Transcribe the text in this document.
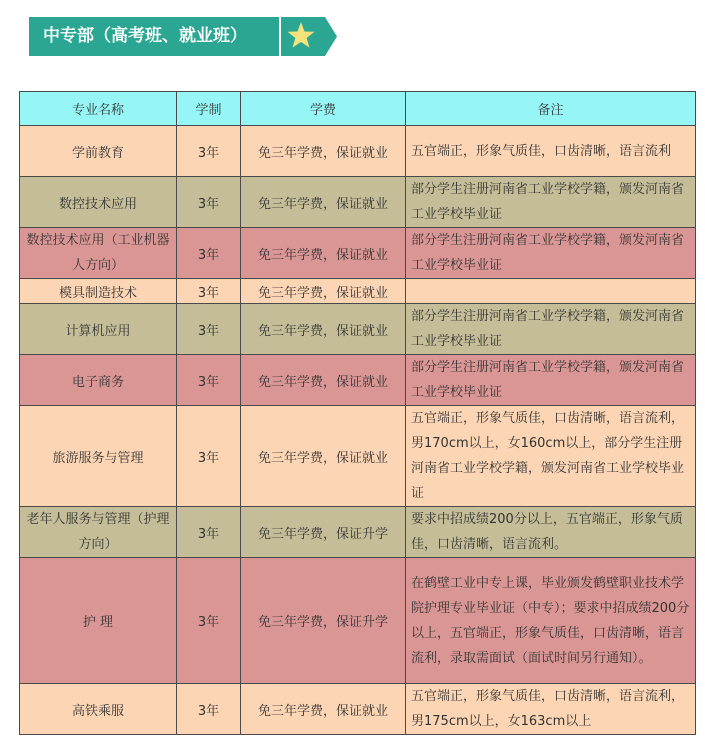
中专部（高考班、就业班）
专业名称	学制	学费	备注
学前教育	3年	免三年学费，保证就业	五官端正，形象气质佳，口齿清晰，语言流利
数控技术应用	3年	免三年学费，保证就业	部分学生注册河南省工业学校学籍，颁发河南省工业学校毕业证
数控技术应用（工业机器人方向）	3年	免三年学费，保证就业	部分学生注册河南省工业学校学籍，颁发河南省工业学校毕业证
模具制造技术	3年	免三年学费，保证就业	
计算机应用	3年	免三年学费，保证就业	部分学生注册河南省工业学校学籍，颁发河南省工业学校毕业证
电子商务	3年	免三年学费，保证就业	部分学生注册河南省工业学校学籍，颁发河南省工业学校毕业证
旅游服务与管理	3年	免三年学费，保证就业	五官端正，形象气质佳，口齿清晰，语言流利，男170cm以上，女160cm以上，部分学生注册河南省工业学校学籍，颁发河南省工业学校毕业证
老年人服务与管理（护理方向）	3年	免三年学费，保证升学	要求中招成绩200分以上，五官端正，形象气质佳，口齿清晰，语言流利。
护 理	3年	免三年学费，保证升学	在鹤壁工业中专上课，毕业颁发鹤壁职业技术学院护理专业毕业证（中专）；要求中招成绩200分以上，五官端正，形象气质佳，口齿清晰，语言流利，录取需面试（面试时间另行通知）。
高铁乘服	3年	免三年学费，保证就业	五官端正，形象气质佳，口齿清晰，语言流利，男175cm以上，女163cm以上
